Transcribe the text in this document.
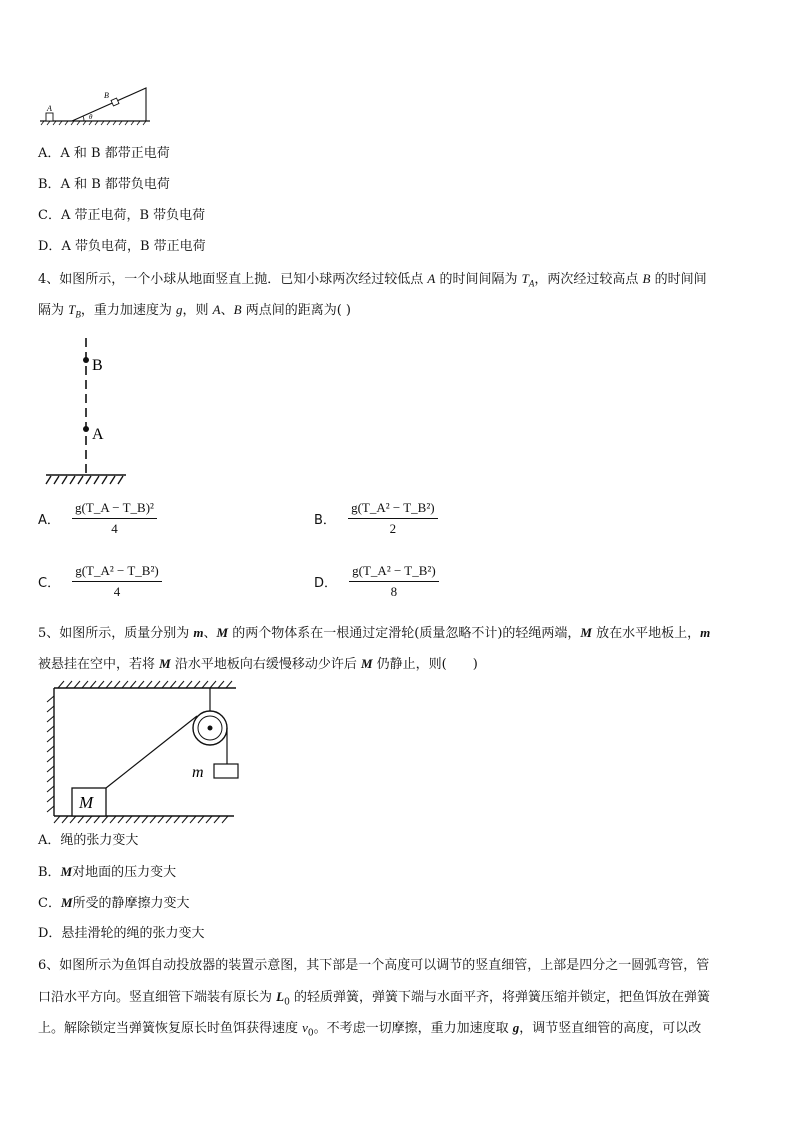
A
B
θ
A．A 和 B 都带正电荷
B．A 和 B 都带负电荷
C．A 带正电荷，B 带负电荷
D．A 带负电荷，B 带正电荷
4、如图所示，一个小球从地面竖直上抛．已知小球两次经过较低点 A 的时间间隔为 $T_A$，两次经过较高点 B 的时间间
隔为 $T_B$，重力加速度为 g，则 A、B 两点间的距离为( )
B
A
A． $\frac{\text{g(T\_A − T\_B)²}}{4}$	B． $\frac{\text{g(T\_A² − T\_B²)}}{2}$
C． $\frac{\text{g(T\_A² − T\_B²)}}{4}$	D． $\frac{\text{g(T\_A² − T\_B²)}}{8}$
5、如图所示，质量分别为 m、M 的两个物体系在一根通过定滑轮(质量忽略不计)的轻绳两端，M 放在水平地板上，m
被悬挂在空中，若将 M 沿水平地板向右缓慢移动少许后 M 仍静止，则(　　)
m
M
A．绳的张力变大
B．M对地面的压力变大
C．M所受的静摩擦力变大
D．悬挂滑轮的绳的张力变大
6、如图所示为鱼饵自动投放器的装置示意图，其下部是一个高度可以调节的竖直细管，上部是四分之一圆弧弯管，管
口沿水平方向。竖直细管下端装有原长为 $L_0$ 的轻质弹簧，弹簧下端与水面平齐，将弹簧压缩并锁定，把鱼饵放在弹簧
上。解除锁定当弹簧恢复原长时鱼饵获得速度 $v_0$。不考虑一切摩擦，重力加速度取 g，调节竖直细管的高度，可以改
